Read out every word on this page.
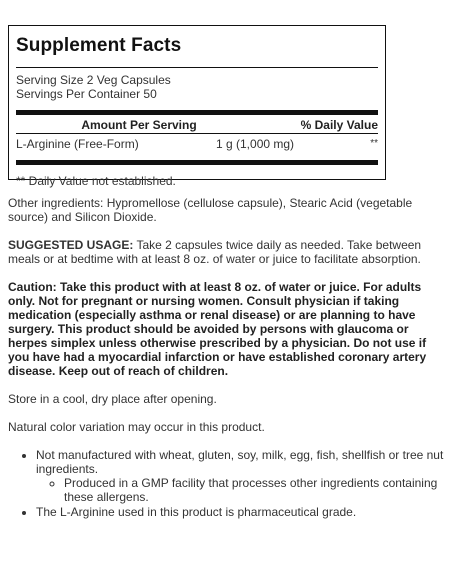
Supplement Facts
Serving Size 2 Veg Capsules
Servings Per Container 50
Amount Per Serving	% Daily Value
L-Arginine (Free-Form)	1 g (1,000 mg)	**
** Daily Value not established.

Other ingredients: Hypromellose (cellulose capsule), Stearic Acid (vegetable source) and Silicon Dioxide.

SUGGESTED USAGE: Take 2 capsules twice daily as needed. Take between meals or at bedtime with at least 8 oz. of water or juice to facilitate absorption.

Caution: Take this product with at least 8 oz. of water or juice. For adults only. Not for pregnant or nursing women. Consult physician if taking medication (especially asthma or renal disease) or are planning to have surgery. This product should be avoided by persons with glaucoma or herpes simplex unless otherwise prescribed by a physician. Do not use if you have had a myocardial infarction or have established coronary artery disease. Keep out of reach of children.

Store in a cool, dry place after opening.

Natural color variation may occur in this product.

• Not manufactured with wheat, gluten, soy, milk, egg, fish, shellfish or tree nut ingredients.
◦ Produced in a GMP facility that processes other ingredients containing these allergens.
• The L-Arginine used in this product is pharmaceutical grade.
